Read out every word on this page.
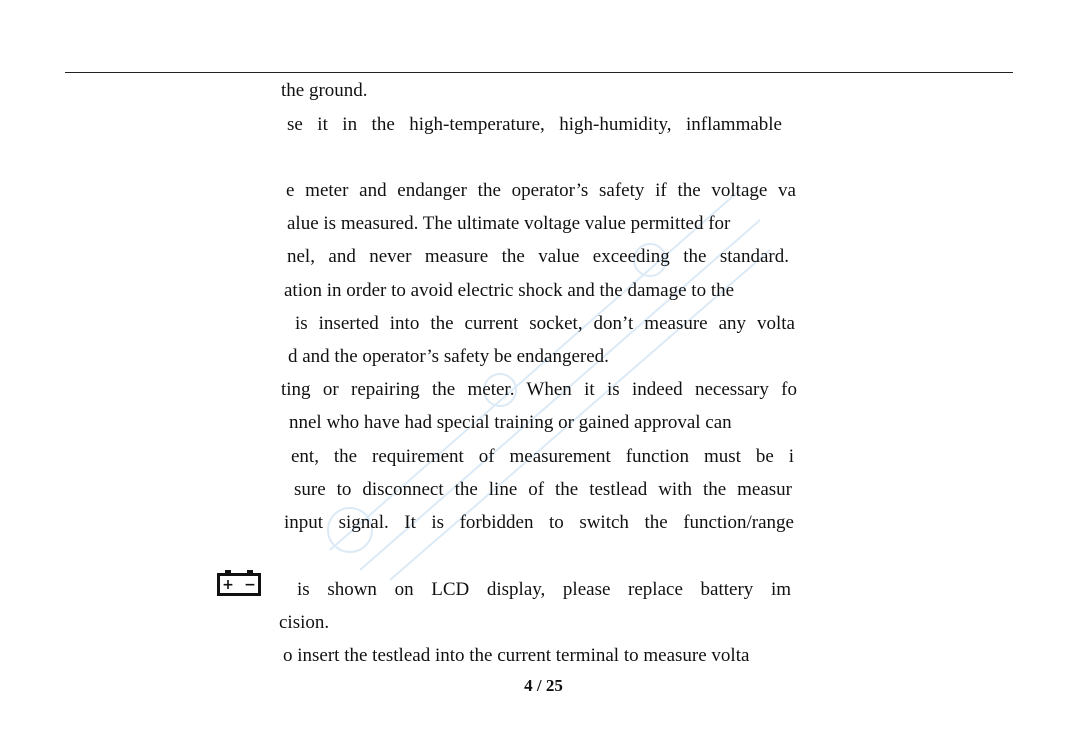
the ground.
se it in the high-temperature, high-humidity, inflammable
e meter and endanger the operator’s safety if the voltage va
alue is measured. The ultimate voltage value permitted for
nel, and never measure the value exceeding the standard.
ation in order to avoid electric shock and the damage to the
is inserted into the current socket, don’t measure any volta
d and the operator’s safety be endangered.
ting or repairing the meter. When it is indeed necessary fo
nnel who have had special training or gained approval can
ent, the requirement of measurement function must be i
sure to disconnect the line of the testlead with the measur
input signal. It is forbidden to switch the function/range
+ − is shown on LCD display, please replace battery im
cision.
o insert the testlead into the current terminal to measure volta
4 / 25
